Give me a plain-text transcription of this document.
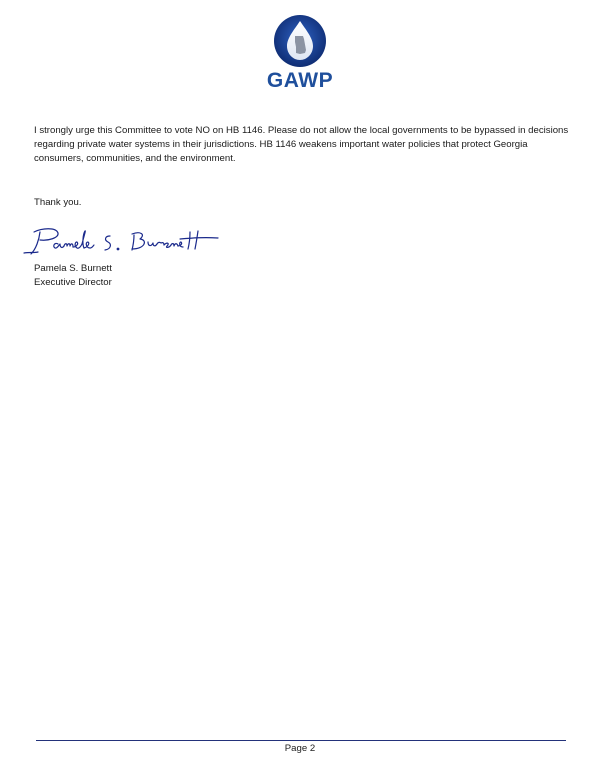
GAWP
I strongly urge this Committee to vote NO on HB 1146. Please do not allow the local governments to be bypassed in decisions regarding private water systems in their jurisdictions. HB 1146 weakens important water policies that protect Georgia consumers, communities, and the environment.
Thank you.
Pamela S. Burnett
Executive Director
Page 2
